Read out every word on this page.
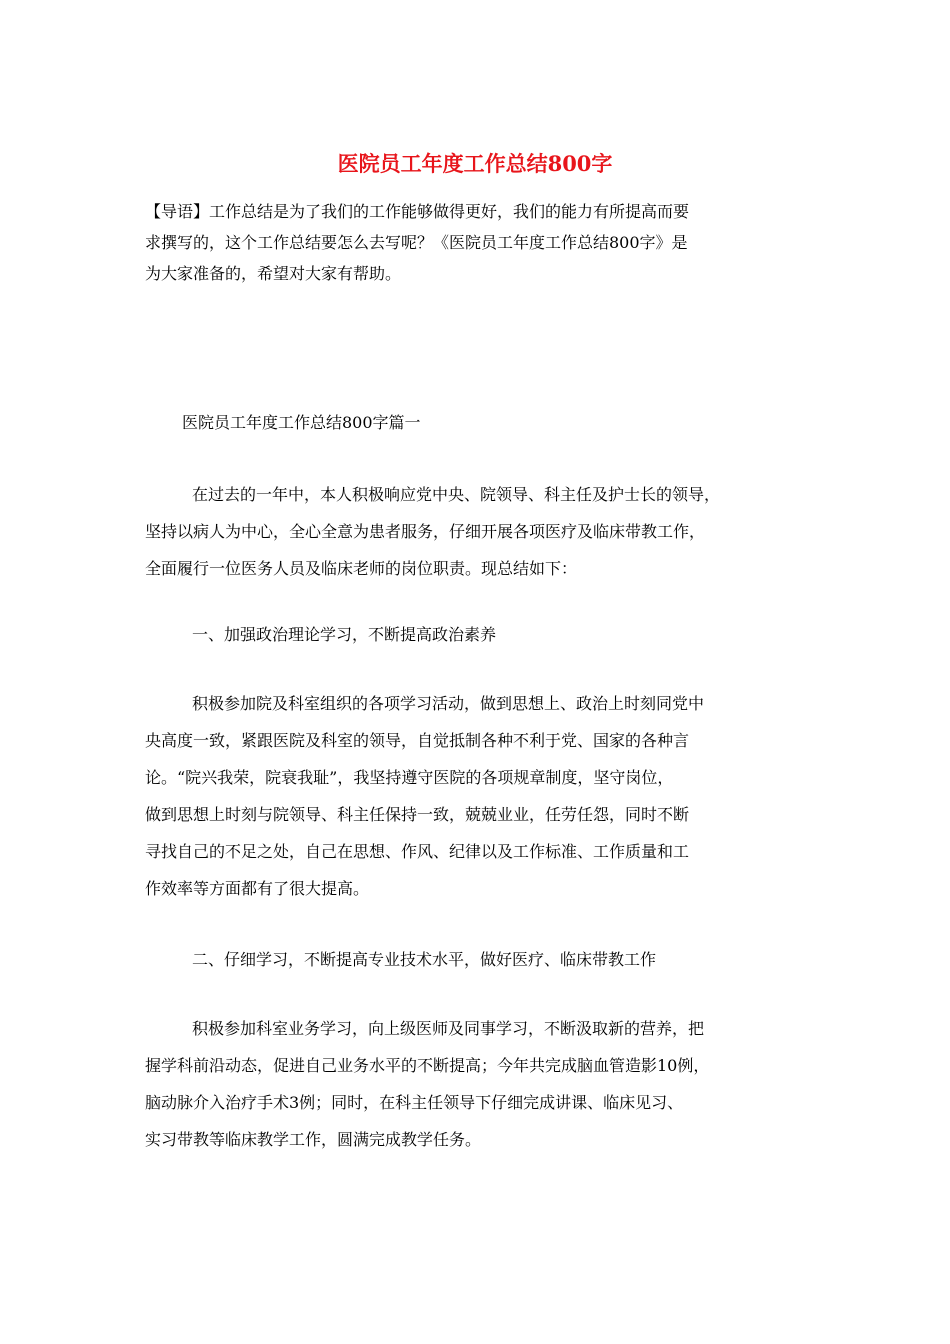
医院员工年度工作总结800字

【导语】工作总结是为了我们的工作能够做得更好，我们的能力有所提高而要

求撰写的，这个工作总结要怎么去写呢？《医院员工年度工作总结800字》是

为大家准备的，希望对大家有帮助。

医院员工年度工作总结800字篇一
在过去的一年中，本人积极响应党中央、院领导、科主任及护士长的领导，
坚持以病人为中心，全心全意为患者服务，仔细开展各项医疗及临床带教工作，
全面履行一位医务人员及临床老师的岗位职责。现总结如下：
一、加强政治理论学习，不断提高政治素养
积极参加院及科室组织的各项学习活动，做到思想上、政治上时刻同党中
央高度一致，紧跟医院及科室的领导，自觉抵制各种不利于党、国家的各种言
论。“院兴我荣，院衰我耻”，我坚持遵守医院的各项规章制度，坚守岗位，
做到思想上时刻与院领导、科主任保持一致，兢兢业业，任劳任怨，同时不断
寻找自己的不足之处，自己在思想、作风、纪律以及工作标准、工作质量和工
作效率等方面都有了很大提高。
二、仔细学习，不断提高专业技术水平，做好医疗、临床带教工作
积极参加科室业务学习，向上级医师及同事学习，不断汲取新的营养，把
握学科前沿动态，促进自己业务水平的不断提高；今年共完成脑血管造影10例，
脑动脉介入治疗手术3例；同时，在科主任领导下仔细完成讲课、临床见习、
实习带教等临床教学工作，圆满完成教学任务。
